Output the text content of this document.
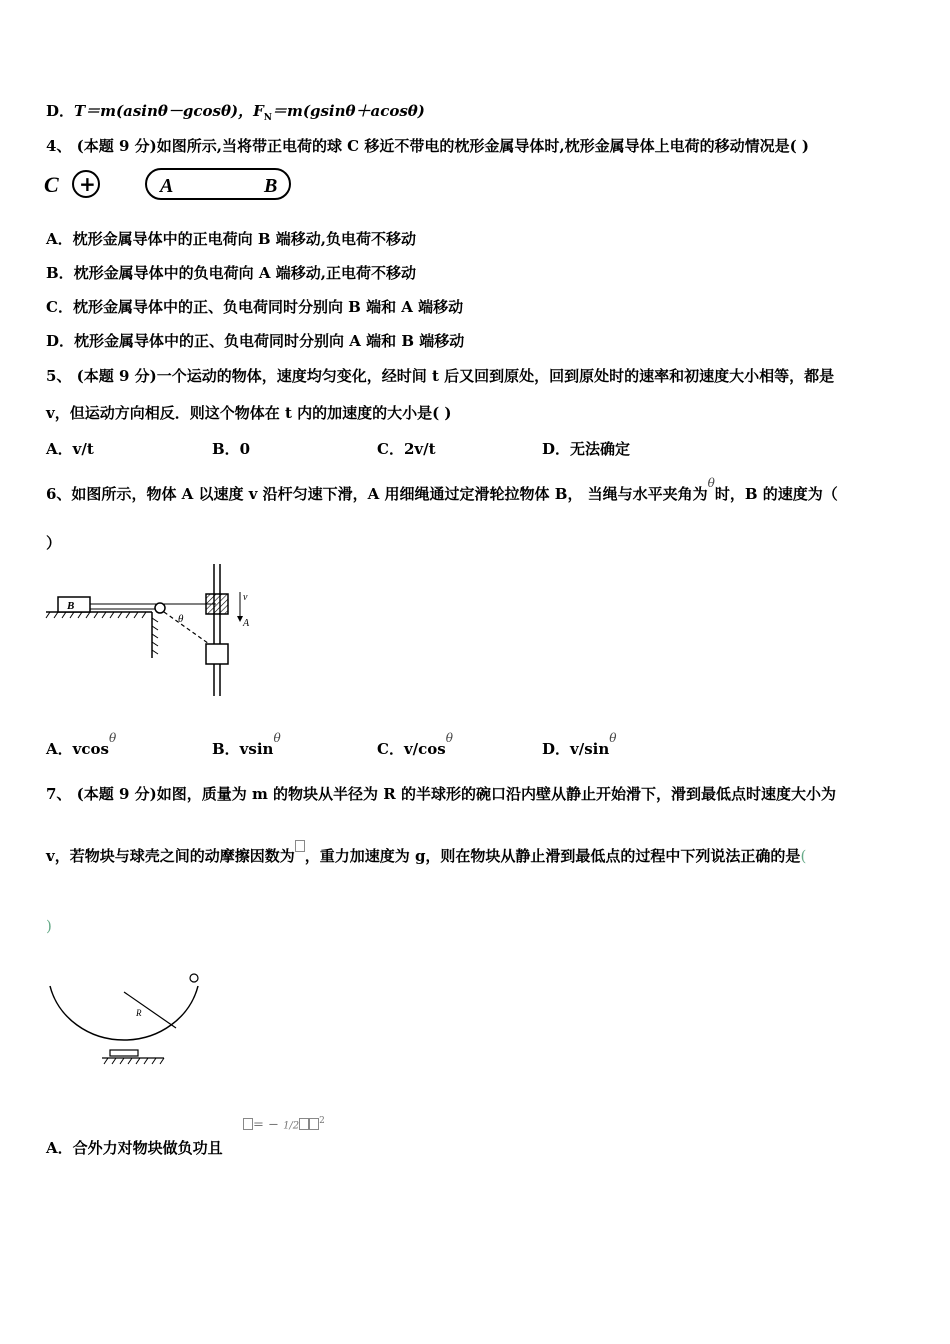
D．T＝m(asinθ－gcosθ)，$F_N=m(gsin\theta+acos\theta)$
4、 (本题 9 分)如图所示,当将带正电荷的球 C 移近不带电的枕形金属导体时,枕形金属导体上电荷的移动情况是( )
C +	A	B
A．枕形金属导体中的正电荷向 B 端移动,负电荷不移动
B．枕形金属导体中的负电荷向 A 端移动,正电荷不移动
C．枕形金属导体中的正、负电荷同时分别向 B 端和 A 端移动
D．枕形金属导体中的正、负电荷同时分别向 A 端和 B 端移动
5、 (本题 9 分)一个运动的物体，速度均匀变化，经时间 t 后又回到原处，回到原处时的速率和初速度大小相等，都是
v，但运动方向相反．则这个物体在 t 内的加速度的大小是( )
A．v/t	B．0	C．2v/t	D．无法确定
6、如图所示，物体 A 以速度 v 沿杆匀速下滑，A 用细绳通过定滑轮拉物体 B， 当绳与水平夹角为$^\theta$时，B 的速度为（
）
B
θ
v
A
A．vcos$^\theta$
B．vsin$^\theta$
C．$v/\cos^\theta$
D．$v/\sin^\theta$
7、 (本题 9 分)如图，质量为 m 的物块从半径为 R 的半球形的碗口沿内壁从静止开始滑下，滑到最低点时速度大小为
v，若物块与球壳之间的动摩擦因数为 ，重力加速度为 g，则在物块从静止滑到最低点的过程中下列说法正确的是(
)
R
A．合外力对物块做负功且
= − 1/2 $^2$
